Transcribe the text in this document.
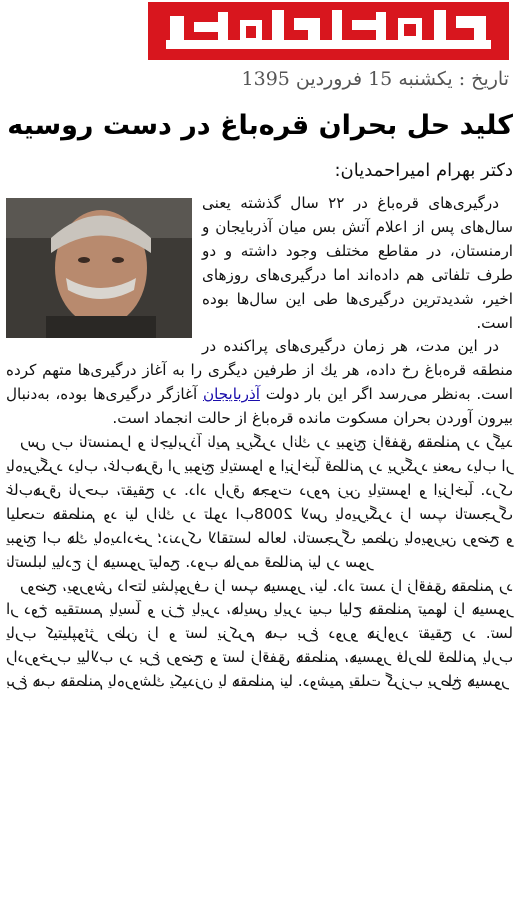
تاریخ : یکشنبه 15 فروردین 1395
کلید حل بحران قره‌باغ در دست روسیه
دکتر بهرام امیراحمدیان:

درگیری‌های قره‌باغ در ۲۲ سال گذشته یعنی سال‌های پس از اعلام آتش بس میان آذربایجان و ارمنستان، در مقاطع مختلف وجود داشته و دو طرف تلفاتی هم داده‌اند اما درگیری‌های روزهای اخیر، شدیدترین درگیری‌ها طی این سال‌ها بوده است.

در این مدت، هر زمان درگیری‌های پراکنده در منطقه قره‌باغ رخ داده، هر یك از طرفین دیگری را به آغاز درگیری‌ها متهم کرده است. به‌نظر می‌رسد اگر این بار دولت آذربایجان آغازگر درگیری‌ها بوده، به‌دنبال بیرون آوردن بحران مسکوت مانده قره‌باغ از حالت انجماد است.

رس رب ناتسنمرا و ناجیابرذآ نایم یریگرد رانك رد یبونج زاقفق هقطنم رد رگید یاه‌یریگرد دیاب ،غاب‌هرق ار یبونج یایتسوا و ایزاخبآ قطانم رد یریگرد ینعی دیاب ار غاب‌هرق نارحب ،تقیقح رد .داد رارق هجوت دروم زین یایتسوا و ایزاخبآ .درک لیلحت هقطنم ود نیا رانك رد تلود اب2008 لاس یاه‌یریگرد زا سپ ناتسجرگ یبونج اب هك یاه‌یدادخر ؛دندرک لالقتسا مالعا ،ناتسجرگ یمظن یاه‌یورین روضح و ناتسلبا ییادج زا هیسور تیامح .دوب هارمه قطانم نیا رد سور

روضح ،یوروش داحتا یشاپورف زا سپ هیسور ،نیا .داد تسد زا زاقفق هقطنم رد ار دوخ میقتسم یایسآ و رزخ یایرد ،هایس یایرد نیب لیاح هقطنم تیمها زا هیسور یارب کیتیلپوئژ رظن زا و تسا یزکرم هب برغ دورو هزاورد تقیقح رد .تسا رادروخرب ییالاب رد برغ روضح و تسا زاقفق هقطنم ،هیسور فارطا قطانم یارب برغ هب هقطنم یاه‌روشك یکیدزن یا هقطنم نیا .دوشیم یقلت گرزب یرطخ هیسور
